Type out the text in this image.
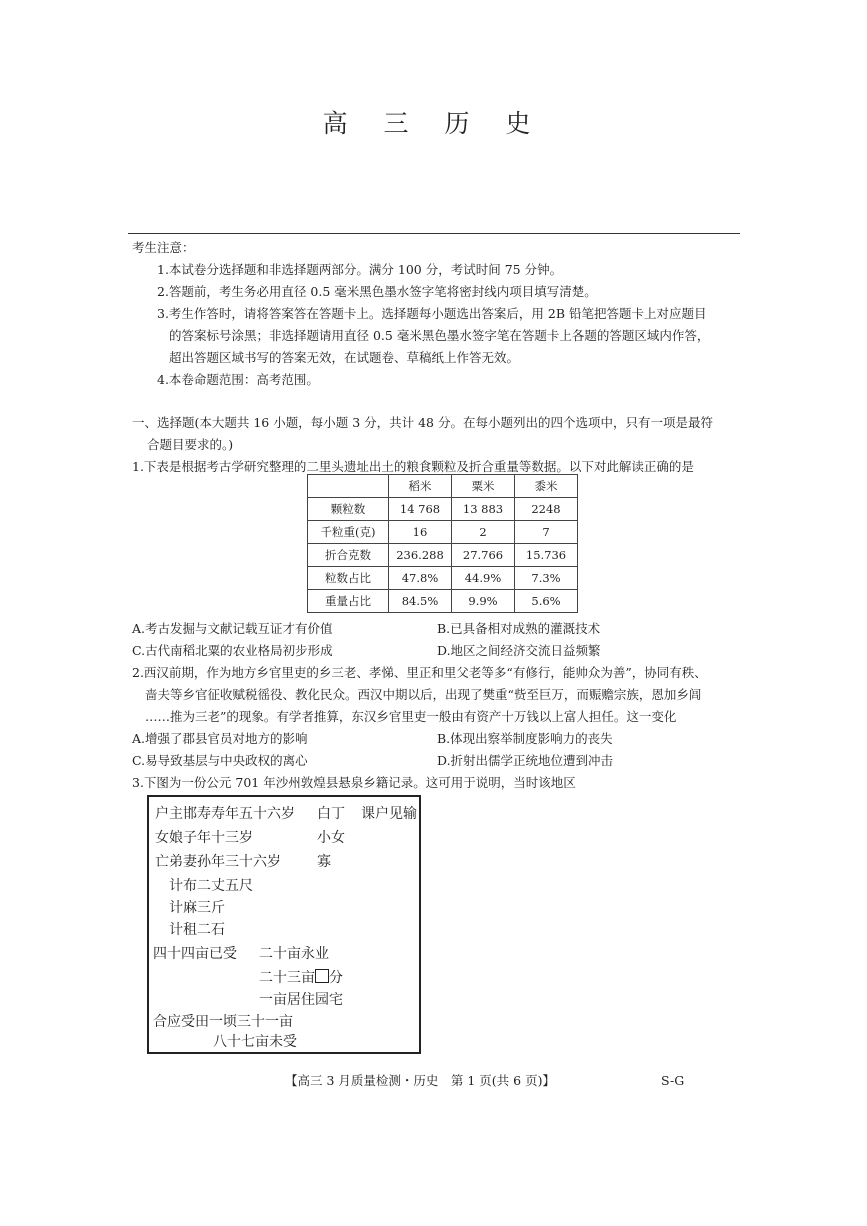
高 三 历 史
考生注意：
1.本试卷分选择题和非选择题两部分。满分 100 分，考试时间 75 分钟。
2.答题前，考生务必用直径 0.5 毫米黑色墨水签字笔将密封线内项目填写清楚。
3.考生作答时，请将答案答在答题卡上。选择题每小题选出答案后，用 2B 铅笔把答题卡上对应题目
的答案标号涂黑；非选择题请用直径 0.5 毫米黑色墨水签字笔在答题卡上各题的答题区域内作答，
超出答题区域书写的答案无效，在试题卷、草稿纸上作答无效。
4.本卷命题范围：高考范围。
一、选择题(本大题共 16 小题，每小题 3 分，共计 48 分。在每小题列出的四个选项中，只有一项是最符
合题目要求的。)
1.下表是根据考古学研究整理的二里头遗址出土的粮食颗粒及折合重量等数据。以下对此解读正确的是
	稻米	粟米	黍米
颗粒数	14 768	13 883	2248
千粒重(克)	16	2	7
折合克数	236.288	27.766	15.736
粒数占比	47.8%	44.9%	7.3%
重量占比	84.5%	9.9%	5.6%
A.考古发掘与文献记载互证才有价值	B.已具备相对成熟的灌溉技术
C.古代南稻北粟的农业格局初步形成	D.地区之间经济交流日益频繁
2.西汉前期，作为地方乡官里吏的乡三老、孝悌、里正和里父老等多“有修行，能帅众为善”，协同有秩、
啬夫等乡官征收赋税徭役、教化民众。西汉中期以后，出现了樊重“赀至巨万，而赈赡宗族，恩加乡闾
……推为三老”的现象。有学者推算，东汉乡官里吏一般由有资产十万钱以上富人担任。这一变化
A.增强了郡县官员对地方的影响	B.体现出察举制度影响力的丧失
C.易导致基层与中央政权的离心	D.折射出儒学正统地位遭到冲击
3.下图为一份公元 701 年沙州敦煌县悬泉乡籍记录。这可用于说明，当时该地区
户主邯寿寿年五十六岁 白丁 课户见输
女娘子年十三岁	小女
亡弟妻孙年三十六岁	寡
计布二丈五尺
计麻三斤
计租二石
四十四亩已受 二十亩永业
二十三亩 分
一亩居住园宅
合应受田一顷三十一亩
八十七亩未受
【高三 3 月质量检测・历史　第 1 页(共 6 页)】	S-G
